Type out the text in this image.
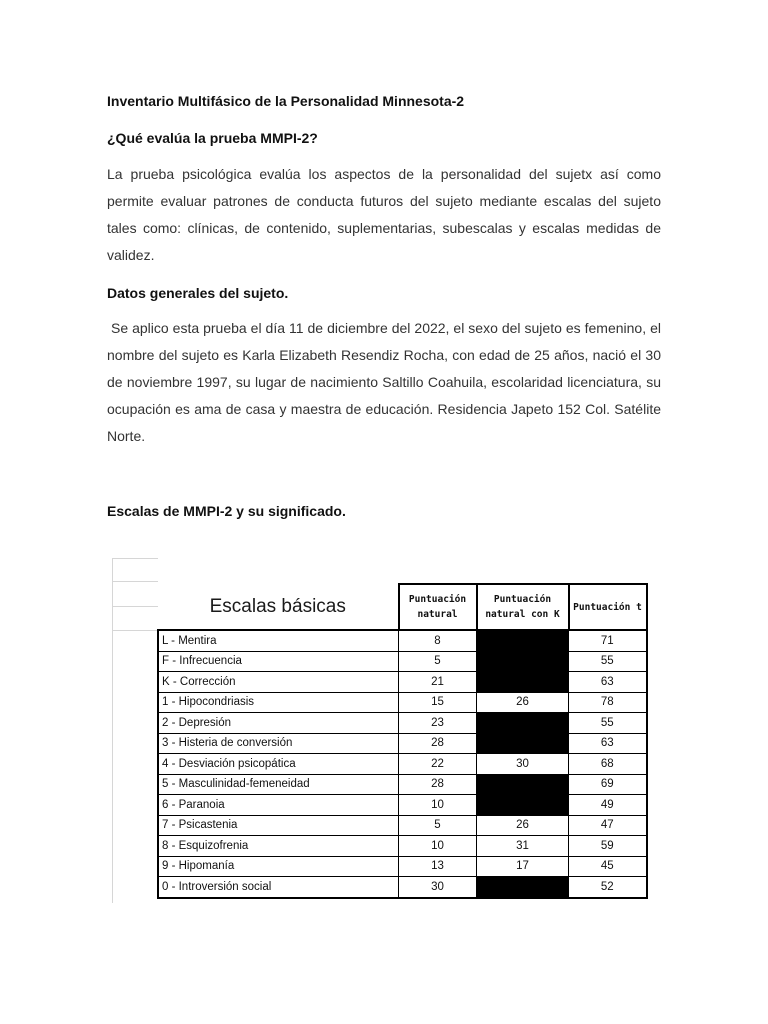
Inventario Multifásico de la Personalidad Minnesota-2
¿Qué evalúa la prueba MMPI-2?

La prueba psicológica evalúa los aspectos de la personalidad del sujetx así como permite evaluar patrones de conducta futuros del sujeto mediante escalas del sujeto tales como: clínicas, de contenido, suplementarias, subescalas y escalas medidas de validez.

Datos generales del sujeto.

Se aplico esta prueba el día 11 de diciembre del 2022, el sexo del sujeto es femenino, el nombre del sujeto es Karla Elizabeth Resendiz Rocha, con edad de 25 años, nació el 30 de noviembre 1997, su lugar de nacimiento Saltillo Coahuila, escolaridad licenciatura, su ocupación es ama de casa y maestra de educación. Residencia Japeto 152 Col. Satélite Norte.

Escalas de MMPI-2 y su significado.
Escalas básicas	Puntuación natural	Puntuación natural con K	Puntuación t
L - Mentira	8		71
F - Infrecuencia	5		55
K - Corrección	21		63
1 - Hipocondriasis	15	26	78
2 - Depresión	23		55
3 - Histeria de conversión	28		63
4 - Desviación psicopática	22	30	68
5 - Masculinidad-femeneidad	28		69
6 - Paranoia	10		49
7 - Psicastenia	5	26	47
8 - Esquizofrenia	10	31	59
9 - Hipomanía	13	17	45
0 - Introversión social	30		52
